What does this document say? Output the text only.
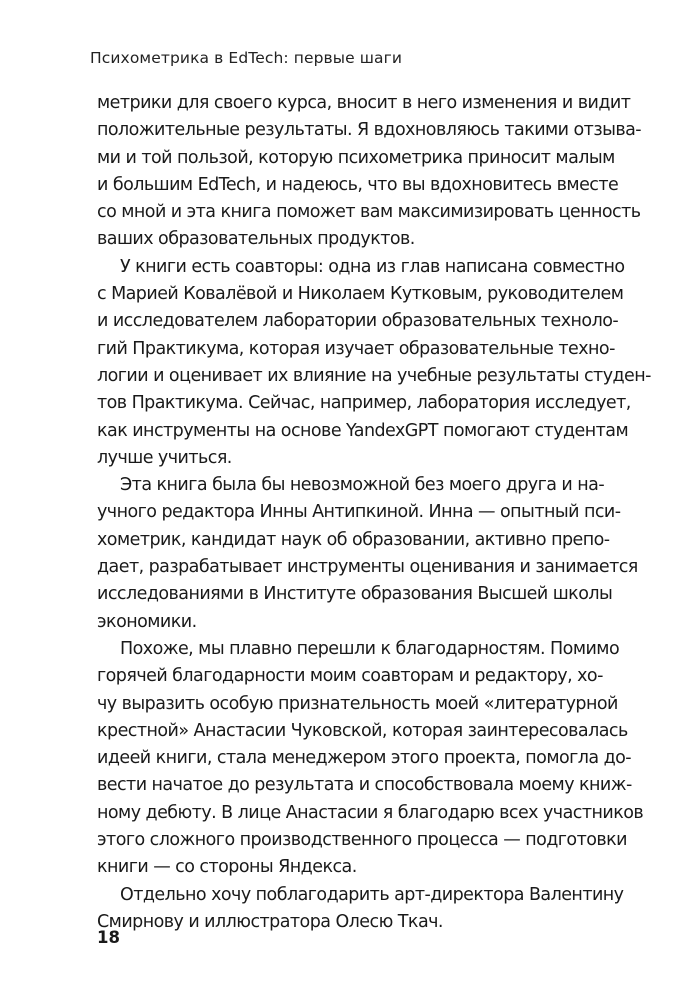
Психометрика в EdTech: первые шаги
метрики для своего курса, вносит в него изменения и видит
положительные результаты. Я вдохновляюсь такими отзыва-
ми и той пользой, которую психометрика приносит малым
и большим EdTech, и надеюсь, что вы вдохновитесь вместе
со мной и эта книга поможет вам максимизировать ценность
ваших образовательных продуктов.
У книги есть соавторы: одна из глав написана совместно
с Марией Ковалёвой и Николаем Кутковым, руководителем
и исследователем лаборатории образовательных техноло-
гий Практикума, которая изучает образовательные техно-
логии и оценивает их влияние на учебные результаты студен-
тов Практикума. Сейчас, например, лаборатория исследует,
как инструменты на основе YandexGPT помогают студентам
лучше учиться.
Эта книга была бы невозможной без моего друга и на-
учного редактора Инны Антипкиной. Инна — опытный пси-
хометрик, кандидат наук об образовании, активно препо-
дает, разрабатывает инструменты оценивания и занимается
исследованиями в Институте образования Высшей школы
экономики.
Похоже, мы плавно перешли к благодарностям. Помимо
горячей благодарности моим соавторам и редактору, хо-
чу выразить особую признательность моей «литературной
крестной» Анастасии Чуковской, которая заинтересовалась
идеей книги, стала менеджером этого проекта, помогла до-
вести начатое до результата и способствовала моему книж-
ному дебюту. В лице Анастасии я благодарю всех участников
этого сложного производственного процесса — подготовки
книги — со стороны Яндекса.
Отдельно хочу поблагодарить арт-директора Валентину
Смирнову и иллюстратора Олесю Ткач.
18
